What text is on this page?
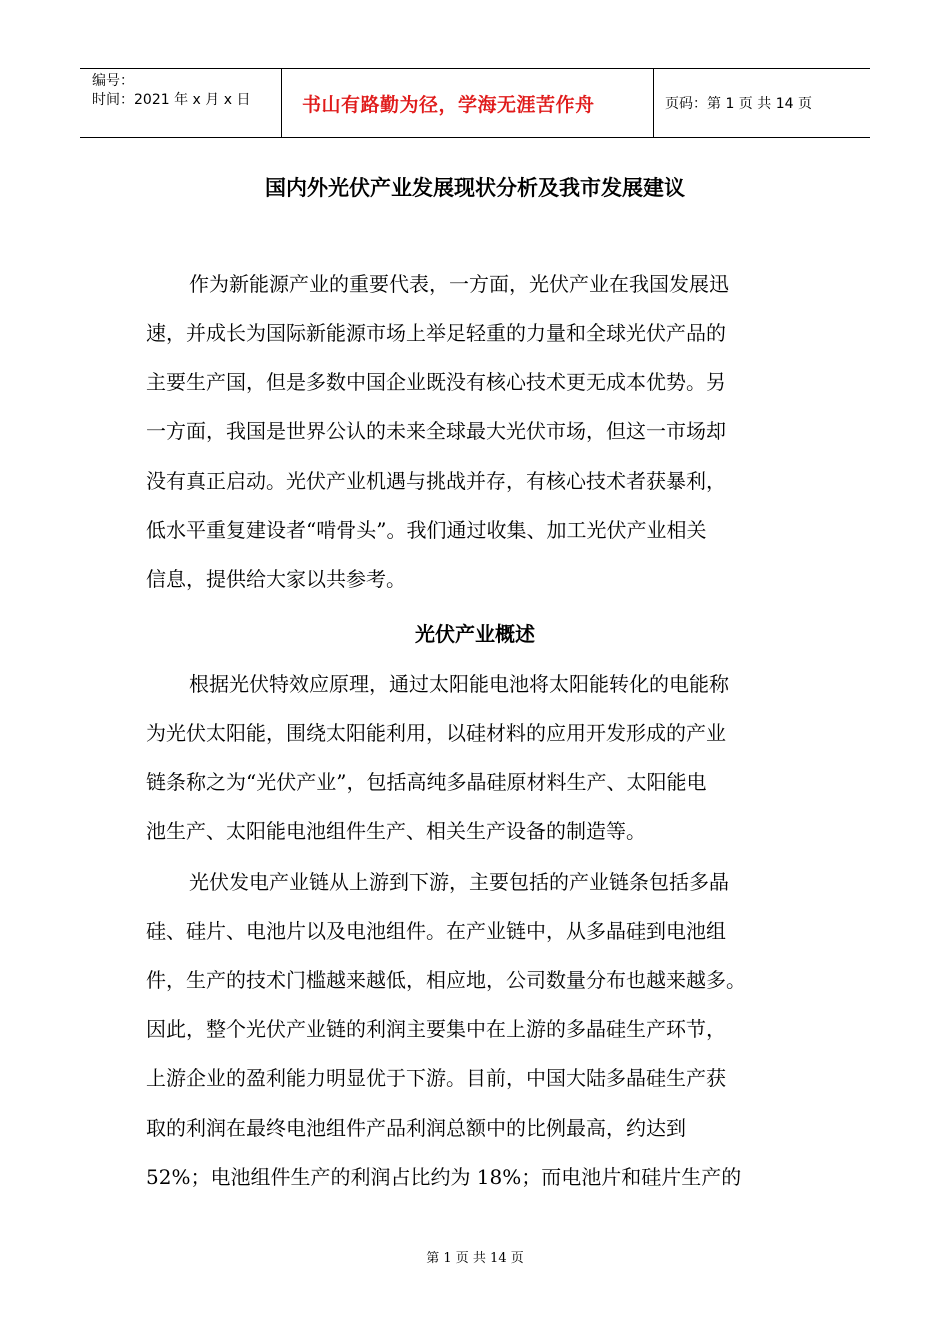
编号：
时间：2021 年 x 月 x 日	书山有路勤为径，学海无涯苦作舟	页码：第 1 页 共 14 页
国内外光伏产业发展现状分析及我市发展建议
作为新能源产业的重要代表，一方面，光伏产业在我国发展迅
速，并成长为国际新能源市场上举足轻重的力量和全球光伏产品的
主要生产国，但是多数中国企业既没有核心技术更无成本优势。另
一方面，我国是世界公认的未来全球最大光伏市场，但这一市场却
没有真正启动。光伏产业机遇与挑战并存，有核心技术者获暴利，
低水平重复建设者“啃骨头”。我们通过收集、加工光伏产业相关
信息，提供给大家以共参考。
光伏产业概述
根据光伏特效应原理，通过太阳能电池将太阳能转化的电能称
为光伏太阳能，围绕太阳能利用，以硅材料的应用开发形成的产业
链条称之为“光伏产业”，包括高纯多晶硅原材料生产、太阳能电
池生产、太阳能电池组件生产、相关生产设备的制造等。
光伏发电产业链从上游到下游，主要包括的产业链条包括多晶
硅、硅片、电池片以及电池组件。在产业链中，从多晶硅到电池组
件，生产的技术门槛越来越低，相应地，公司数量分布也越来越多。
因此，整个光伏产业链的利润主要集中在上游的多晶硅生产环节，
上游企业的盈利能力明显优于下游。目前，中国大陆多晶硅生产获
取的利润在最终电池组件产品利润总额中的比例最高，约达到
52%；电池组件生产的利润占比约为 18%；而电池片和硅片生产的
第 1 页 共 14 页
